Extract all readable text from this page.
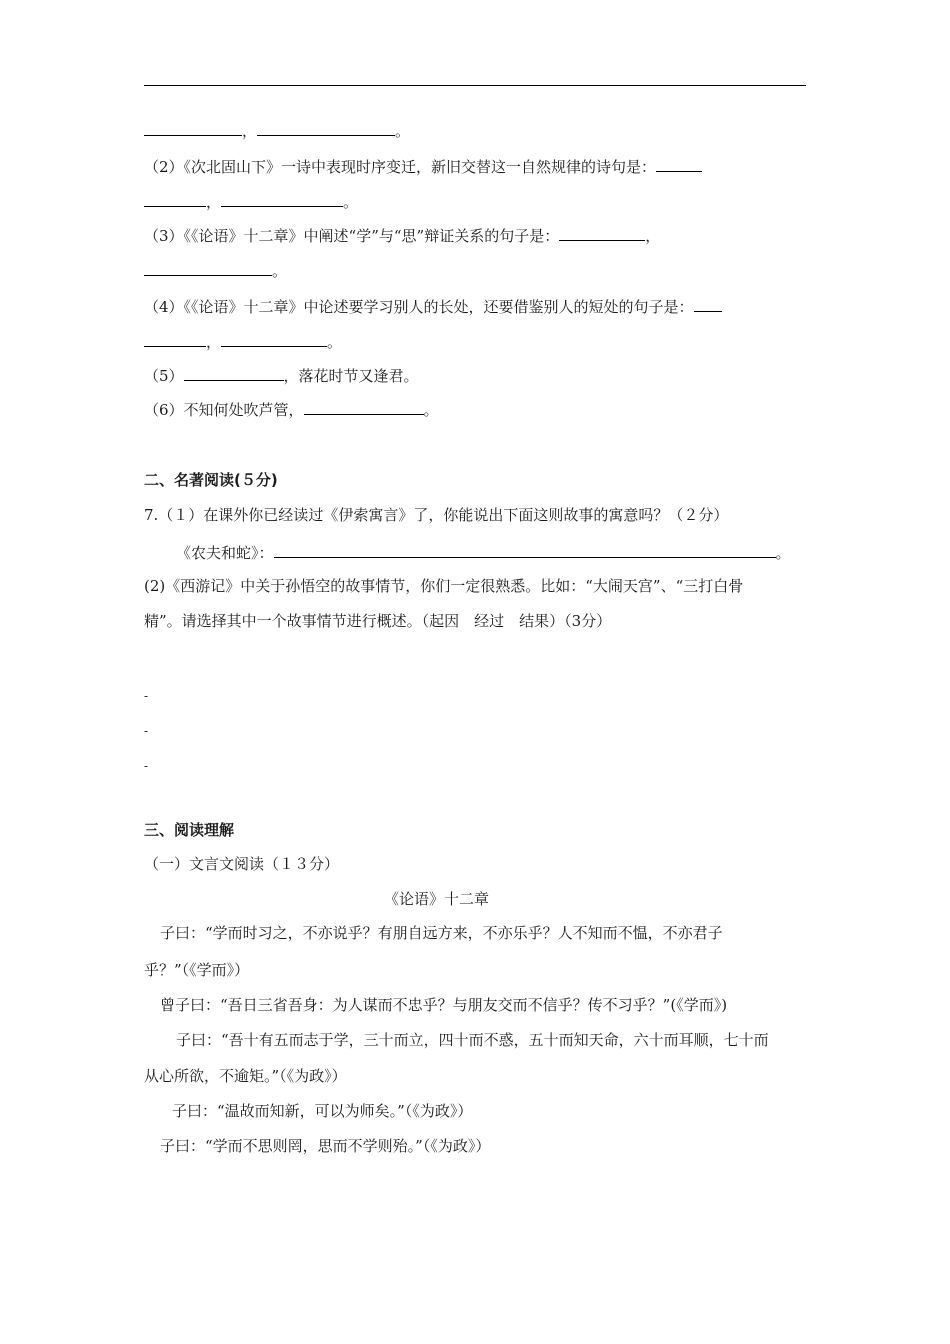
，	。
（2）《次北固山下》一诗中表现时序变迁，新旧交替这一自然规律的诗句是：
，	。
（3）《《论语》十二章》中阐述“学”与“思”辩证关系的句子是：	，
。
（4）《《论语》十二章》中论述要学习别人的长处，还要借鉴别人的短处的句子是：
，	。
（5）	，落花时节又逢君。
（6）不知何处吹芦管，	。
二、名著阅读(５分)
7.（１）在课外你已经读过《伊索寓言》了，你能说出下面这则故事的寓意吗？（２分）
《农夫和蛇》：	。
(2)《西游记》中关于孙悟空的故事情节，你们一定很熟悉。比如：“大闹天宫”、“三打白骨
精”。请选择其中一个故事情节进行概述。（起因　经过　结果）（3分）
-
-
-
三、阅读理解
（一）文言文阅读（１３分）
《论语》十二章
子曰：“学而时习之，不亦说乎？有朋自远方来，不亦乐乎？人不知而不愠，不亦君子
乎？”（《学而》）
曾子曰：“吾日三省吾身：为人谋而不忠乎？与朋友交而不信乎？传不习乎？”(《学而》)
子曰：“吾十有五而志于学，三十而立，四十而不惑，五十而知天命，六十而耳顺，七十而
从心所欲，不逾矩。”（《为政》）
子曰：“温故而知新，可以为师矣。”（《为政》）
子曰：“学而不思则罔，思而不学则殆。”（《为政》）
